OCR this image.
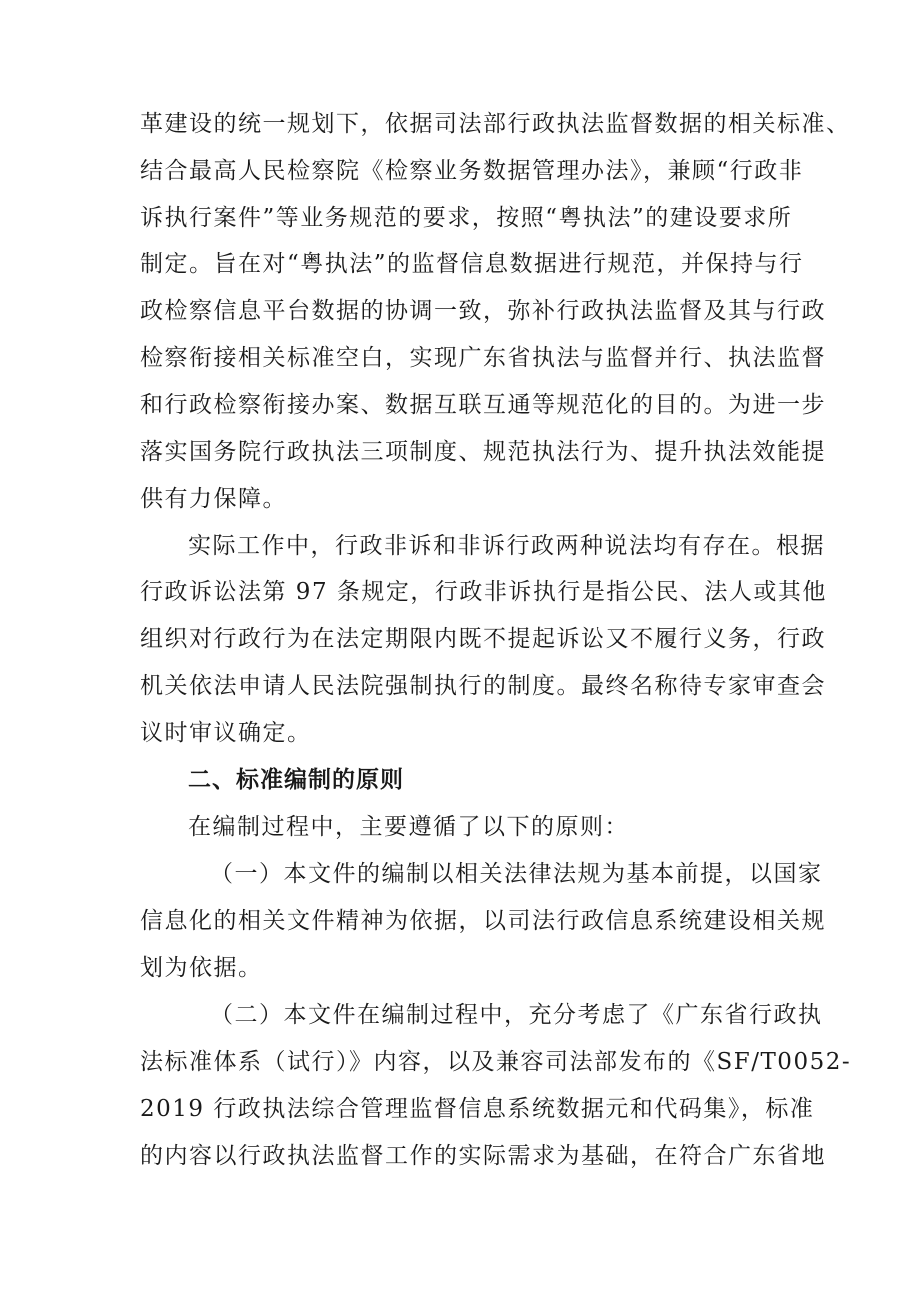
革建设的统一规划下，依据司法部行政执法监督数据的相关标准、
结合最高人民检察院《检察业务数据管理办法》，兼顾“行政非
诉执行案件”等业务规范的要求，按照“粤执法”的建设要求所
制定。旨在对“粤执法”的监督信息数据进行规范，并保持与行
政检察信息平台数据的协调一致，弥补行政执法监督及其与行政
检察衔接相关标准空白，实现广东省执法与监督并行、执法监督
和行政检察衔接办案、数据互联互通等规范化的目的。为进一步
落实国务院行政执法三项制度、规范执法行为、提升执法效能提
供有力保障。
实际工作中，行政非诉和非诉行政两种说法均有存在。根据
行政诉讼法第 97 条规定，行政非诉执行是指公民、法人或其他
组织对行政行为在法定期限内既不提起诉讼又不履行义务，行政
机关依法申请人民法院强制执行的制度。最终名称待专家审查会
议时审议确定。
二、标准编制的原则
在编制过程中，主要遵循了以下的原则：
（一）本文件的编制以相关法律法规为基本前提，以国家
信息化的相关文件精神为依据，以司法行政信息系统建设相关规
划为依据。
（二）本文件在编制过程中，充分考虑了《广东省行政执
法标准体系（试行）》内容，以及兼容司法部发布的《SF/T0052-
2019 行政执法综合管理监督信息系统数据元和代码集》，标准
的内容以行政执法监督工作的实际需求为基础，在符合广东省地
